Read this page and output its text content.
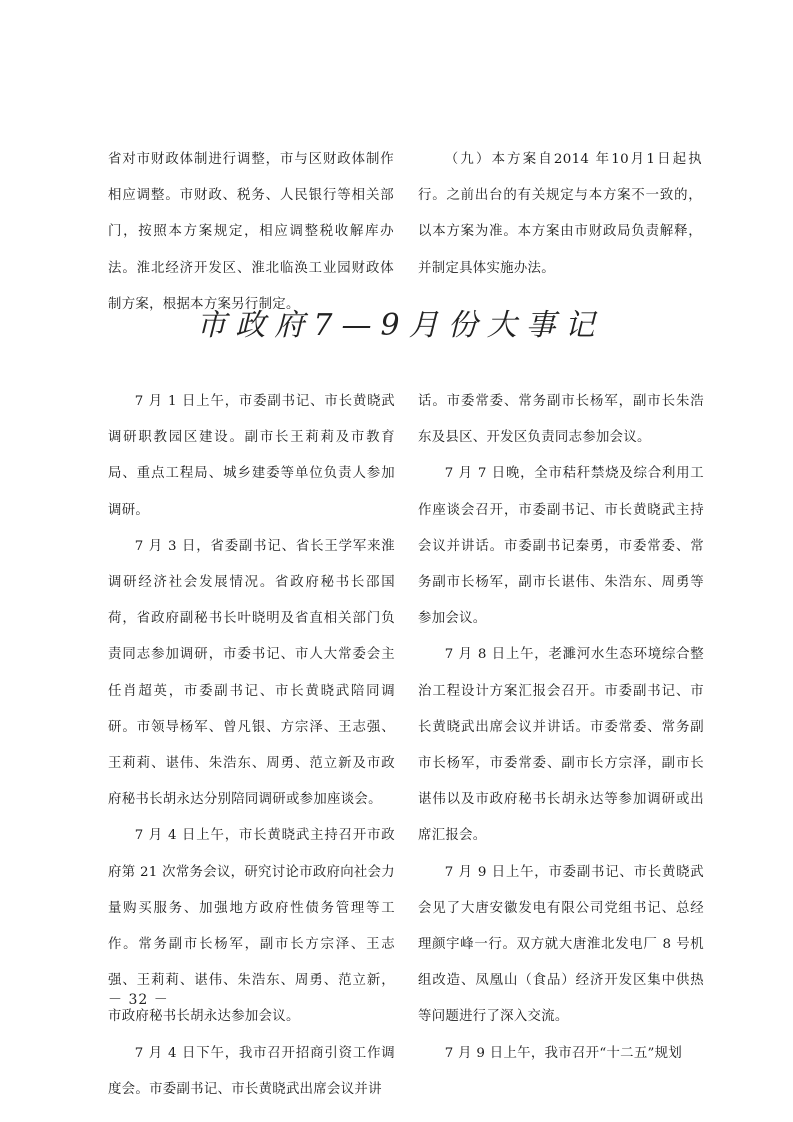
省对市财政体制进行调整，市与区财政体制作相应调整。市财政、税务、人民银行等相关部门，按照本方案规定，相应调整税收解库办法。淮北经济开发区、淮北临涣工业园财政体制方案，根据本方案另行制定。

（九）本方案自2014 年10月1日起执行。之前出台的有关规定与本方案不一致的，以本方案为准。本方案由市财政局负责解释，并制定具体实施办法。

市政府7—9月份大事记

7 月 1 日上午，市委副书记、市长黄晓武调研职教园区建设。副市长王莉莉及市教育局、重点工程局、城乡建委等单位负责人参加调研。

7 月 3 日，省委副书记、省长王学军来淮调研经济社会发展情况。省政府秘书长邵国荷，省政府副秘书长叶晓明及省直相关部门负责同志参加调研，市委书记、市人大常委会主任肖超英，市委副书记、市长黄晓武陪同调研。市领导杨军、曾凡银、方宗泽、王志强、王莉莉、谌伟、朱浩东、周勇、范立新及市政府秘书长胡永达分别陪同调研或参加座谈会。

7 月 4 日上午，市长黄晓武主持召开市政府第 21 次常务会议，研究讨论市政府向社会力量购买服务、加强地方政府性债务管理等工作。常务副市长杨军，副市长方宗泽、王志强、王莉莉、谌伟、朱浩东、周勇、范立新，市政府秘书长胡永达参加会议。

7 月 4 日下午，我市召开招商引资工作调度会。市委副书记、市长黄晓武出席会议并讲

话。市委常委、常务副市长杨军，副市长朱浩东及县区、开发区负责同志参加会议。

7 月 7 日晚，全市秸秆禁烧及综合利用工作座谈会召开，市委副书记、市长黄晓武主持会议并讲话。市委副书记秦勇，市委常委、常务副市长杨军，副市长谌伟、朱浩东、周勇等参加会议。

7 月 8 日上午，老濉河水生态环境综合整治工程设计方案汇报会召开。市委副书记、市长黄晓武出席会议并讲话。市委常委、常务副市长杨军，市委常委、副市长方宗泽，副市长谌伟以及市政府秘书长胡永达等参加调研或出席汇报会。

7 月 9 日上午，市委副书记、市长黄晓武会见了大唐安徽发电有限公司党组书记、总经理颜宇峰一行。双方就大唐淮北发电厂 8 号机组改造、凤凰山（食品）经济开发区集中供热等问题进行了深入交流。

7 月 9 日上午，我市召开“十二五”规划

－ 32 －
